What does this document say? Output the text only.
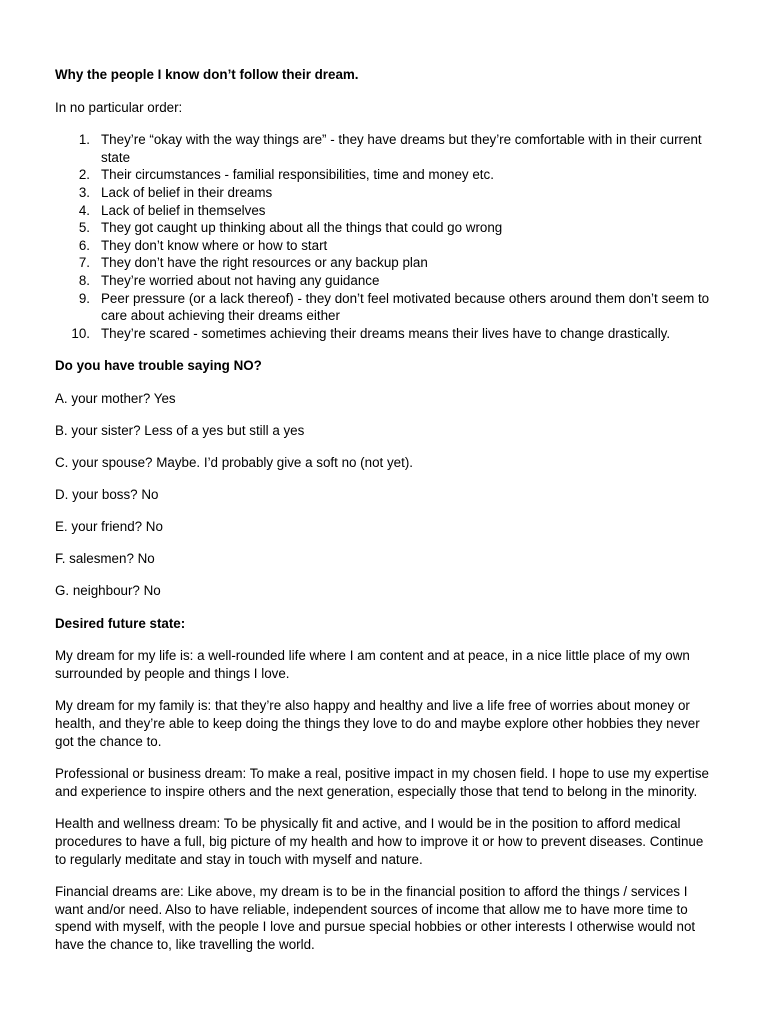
Why the people I know don’t follow their dream.
In no particular order:
1. They’re “okay with the way things are” - they have dreams but they’re comfortable with in their current state
2. Their circumstances - familial responsibilities, time and money etc.
3. Lack of belief in their dreams
4. Lack of belief in themselves
5. They got caught up thinking about all the things that could go wrong
6. They don’t know where or how to start
7. They don’t have the right resources or any backup plan
8. They’re worried about not having any guidance
9. Peer pressure (or a lack thereof) - they don’t feel motivated because others around them don’t seem to care about achieving their dreams either
10. They’re scared - sometimes achieving their dreams means their lives have to change drastically.
Do you have trouble saying NO?
A. your mother? Yes
B. your sister? Less of a yes but still a yes
C. your spouse? Maybe. I’d probably give a soft no (not yet).
D. your boss? No
E. your friend? No
F. salesmen? No
G. neighbour? No
Desired future state:
My dream for my life is: a well-rounded life where I am content and at peace, in a nice little place of my own surrounded by people and things I love.
My dream for my family is: that they’re also happy and healthy and live a life free of worries about money or health, and they’re able to keep doing the things they love to do and maybe explore other hobbies they never got the chance to.
Professional or business dream: To make a real, positive impact in my chosen field. I hope to use my expertise and experience to inspire others and the next generation, especially those that tend to belong in the minority.
Health and wellness dream: To be physically fit and active, and I would be in the position to afford medical procedures to have a full, big picture of my health and how to improve it or how to prevent diseases. Continue to regularly meditate and stay in touch with myself and nature.
Financial dreams are: Like above, my dream is to be in the financial position to afford the things / services I want and/or need. Also to have reliable, independent sources of income that allow me to have more time to spend with myself, with the people I love and pursue special hobbies or other interests I otherwise would not have the chance to, like travelling the world.
